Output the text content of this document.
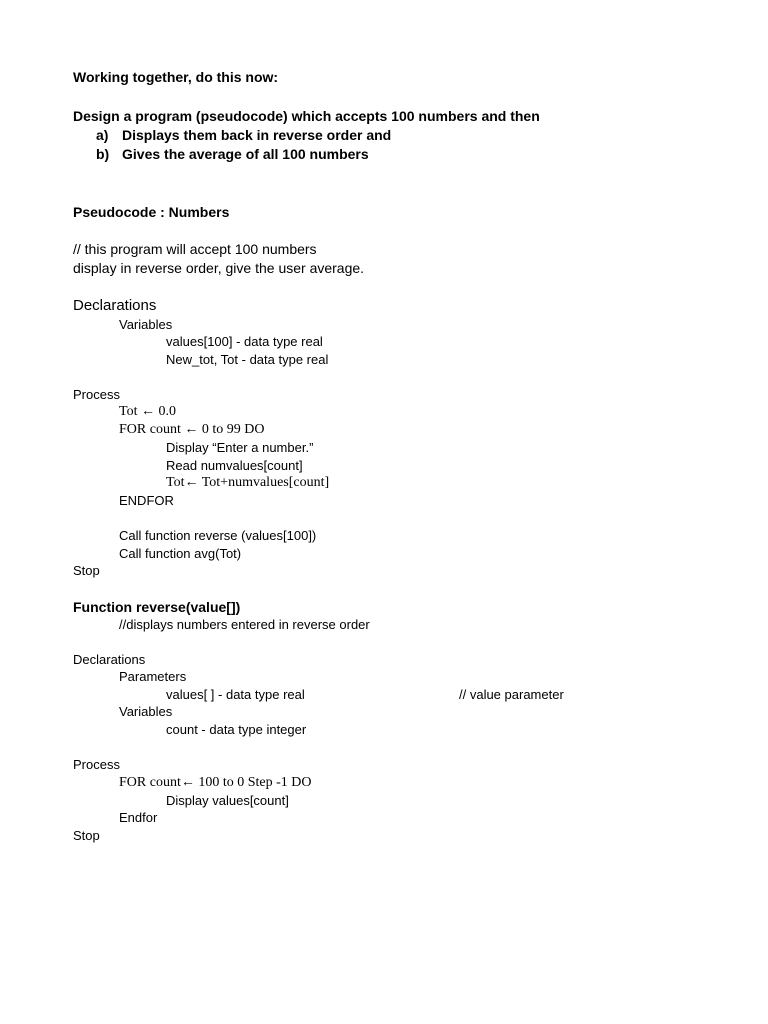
Working together, do this now:

Design a program (pseudocode) which accepts 100 numbers and then

a) Displays them back in reverse order and

b) Gives the average of all 100 numbers

Pseudocode : Numbers

// this program will accept 100 numbers

display in reverse order, give the user average.

Declarations

Variables

values[100] - data type real

New_tot, Tot - data type real

Process

Tot ← 0.0

FOR count ← 0 to 99 DO

Display “Enter a number.”

Read numvalues[count]

Tot← Tot+numvalues[count]

ENDFOR

Call function reverse (values[100])

Call function avg(Tot)

Stop

Function reverse(value[])

//displays numbers entered in reverse order

Declarations

Parameters

values[ ] - data type real	// value parameter

Variables

count - data type integer

Process

FOR count← 100 to 0 Step -1 DO

Display values[count]

Endfor

Stop
